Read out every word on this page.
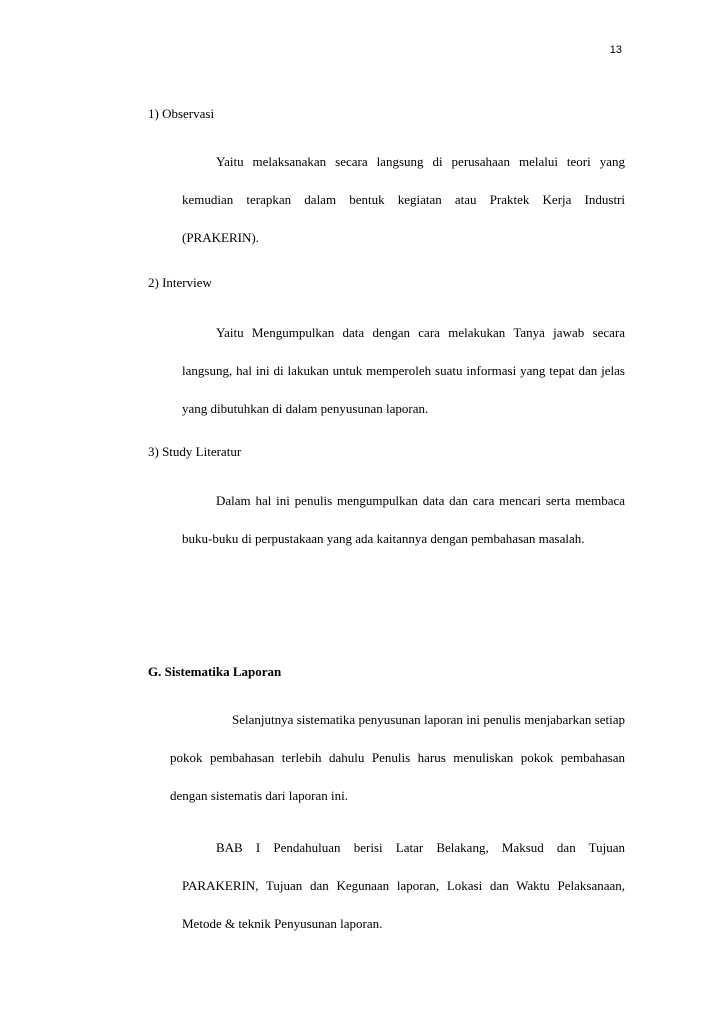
13
1) Observasi
Yaitu melaksanakan secara langsung di perusahaan melalui teori yang kemudian terapkan dalam bentuk kegiatan atau Praktek Kerja Industri (PRAKERIN).
2) Interview
Yaitu Mengumpulkan data dengan cara melakukan Tanya jawab secara langsung, hal ini di lakukan untuk memperoleh suatu informasi yang tepat dan jelas yang dibutuhkan di dalam penyusunan laporan.
3) Study Literatur
Dalam hal ini penulis mengumpulkan data dan cara mencari serta membaca buku-buku di perpustakaan yang ada kaitannya dengan pembahasan masalah.
G. Sistematika Laporan
Selanjutnya sistematika penyusunan laporan ini penulis menjabarkan setiap pokok pembahasan terlebih dahulu Penulis harus menuliskan pokok pembahasan dengan sistematis dari laporan ini.
BAB I Pendahuluan berisi Latar Belakang, Maksud dan Tujuan PARAKERIN, Tujuan dan Kegunaan laporan, Lokasi dan Waktu Pelaksanaan, Metode & teknik Penyusunan laporan.
